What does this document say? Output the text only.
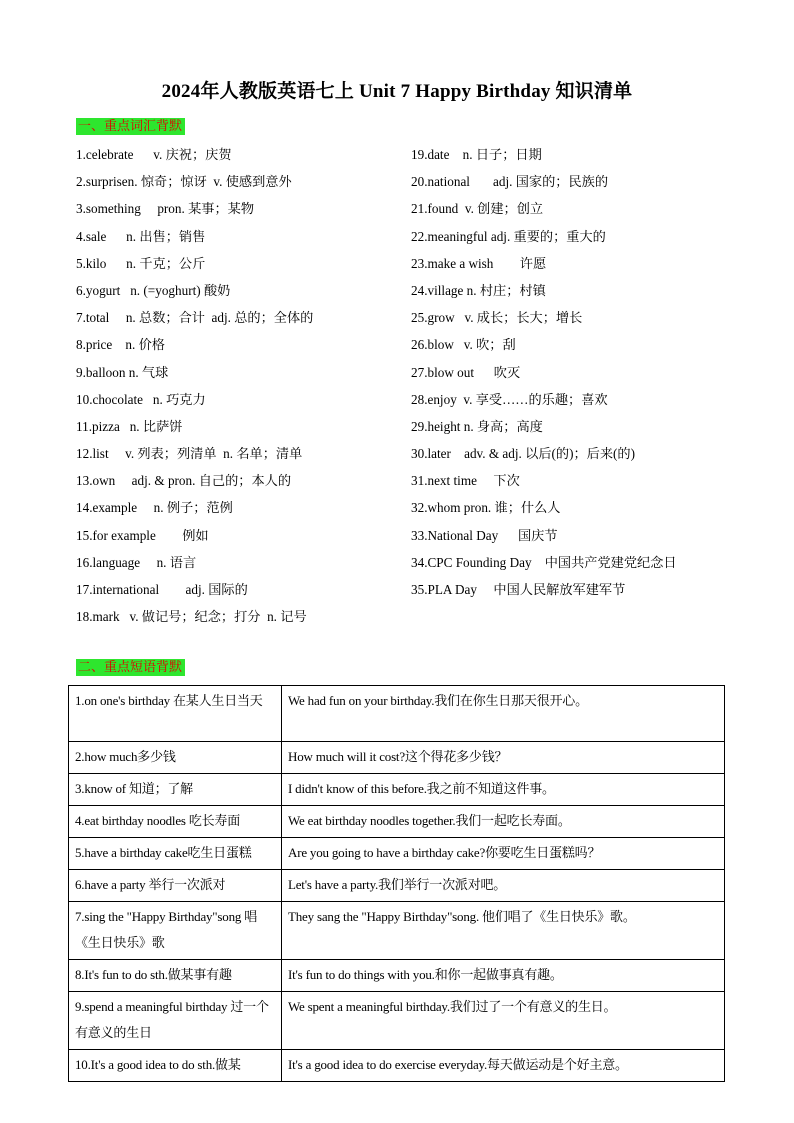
2024年人教版英语七上 Unit 7 Happy Birthday 知识清单
一、重点词汇背默
1.celebrate      v. 庆祝；庆贺
2.surprisen. 惊奇；惊讶  v. 使感到意外
3.something     pron. 某事；某物
4.sale      n. 出售；销售
5.kilo      n. 千克；公斤
6.yogurt   n. (=yoghurt) 酸奶
7.total     n. 总数；合计  adj. 总的；全体的
8.price    n. 价格
9.balloon n. 气球
10.chocolate   n. 巧克力
11.pizza   n. 比萨饼
12.list     v. 列表；列清单  n. 名单；清单
13.own     adj. & pron. 自己的；本人的
14.example     n. 例子；范例
15.for example        例如
16.language     n. 语言
17.international        adj. 国际的
18.mark   v. 做记号；纪念；打分  n. 记号
19.date    n. 日子；日期
20.national       adj. 国家的；民族的
21.found  v. 创建；创立
22.meaningful adj. 重要的；重大的
23.make a wish        许愿
24.village n. 村庄；村镇
25.grow   v. 成长；长大；增长
26.blow   v. 吹；刮
27.blow out      吹灭
28.enjoy  v. 享受……的乐趣；喜欢
29.height n. 身高；高度
30.later    adv. & adj. 以后(的)；后来(的)
31.next time     下次
32.whom pron. 谁；什么人
33.National Day      国庆节
34.CPC Founding Day    中国共产党建党纪念日
35.PLA Day     中国人民解放军建军节
二、重点短语背默
1.on one's birthday 在某人生日当天	We had fun on your birthday.我们在你生日那天很开心。
2.how much多少钱	How much will it cost?这个得花多少钱？
3.know of 知道；了解	I didn't know of this before.我之前不知道这件事。
4.eat birthday noodles 吃长寿面	We eat birthday noodles together.我们一起吃长寿面。
5.have a birthday cake吃生日蛋糕	Are you going to have a birthday cake?你要吃生日蛋糕吗？
6.have a party 举行一次派对	Let's have a party.我们举行一次派对吧。
7.sing the "Happy Birthday"song 唱《生日快乐》歌	They sang the "Happy Birthday"song. 他们唱了《生日快乐》歌。
8.It's fun to do sth.做某事有趣	It's fun to do things with you.和你一起做事真有趣。
9.spend a meaningful birthday 过一个有意义的生日	We spent a meaningful birthday.我们过了一个有意义的生日。
10.It's a good idea to do sth.做某	It's a good idea to do exercise everyday.每天做运动是个好主意。
